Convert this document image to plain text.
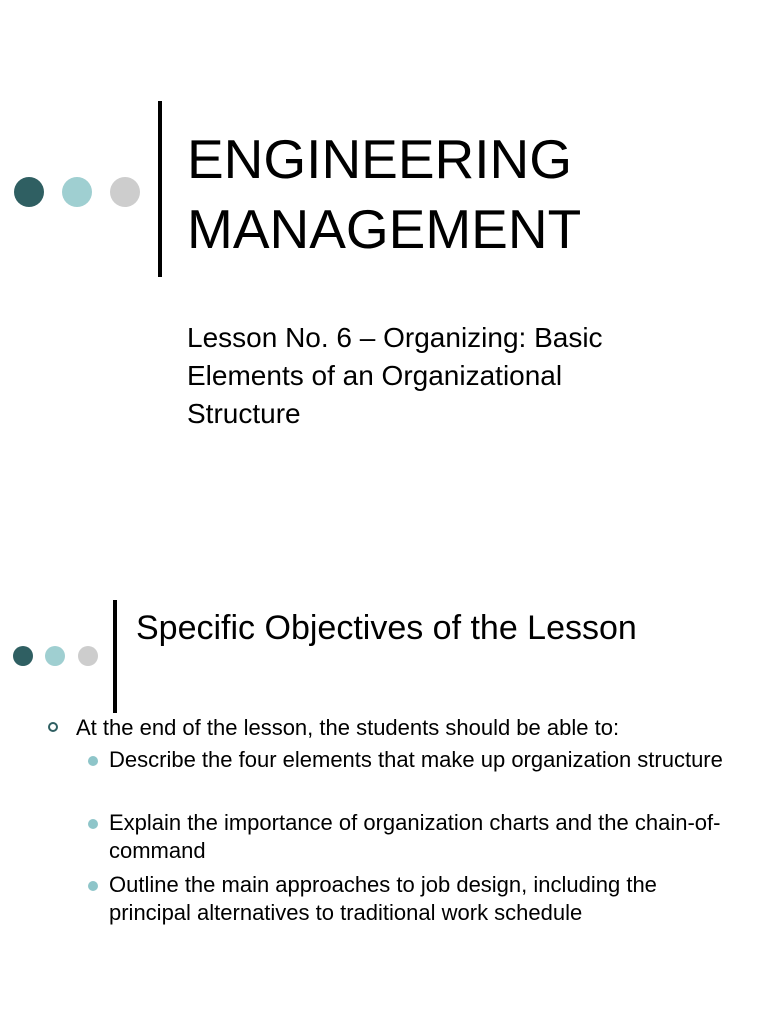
ENGINEERING
MANAGEMENT

Lesson No. 6 – Organizing: Basic
Elements of an Organizational
Structure

Specific Objectives of the Lesson
At the end of the lesson, the students should be able to:
Describe the four elements that make up organization structure
Explain the importance of organization charts and the chain-of-command
Outline the main approaches to job design, including the principal alternatives to traditional work schedule
